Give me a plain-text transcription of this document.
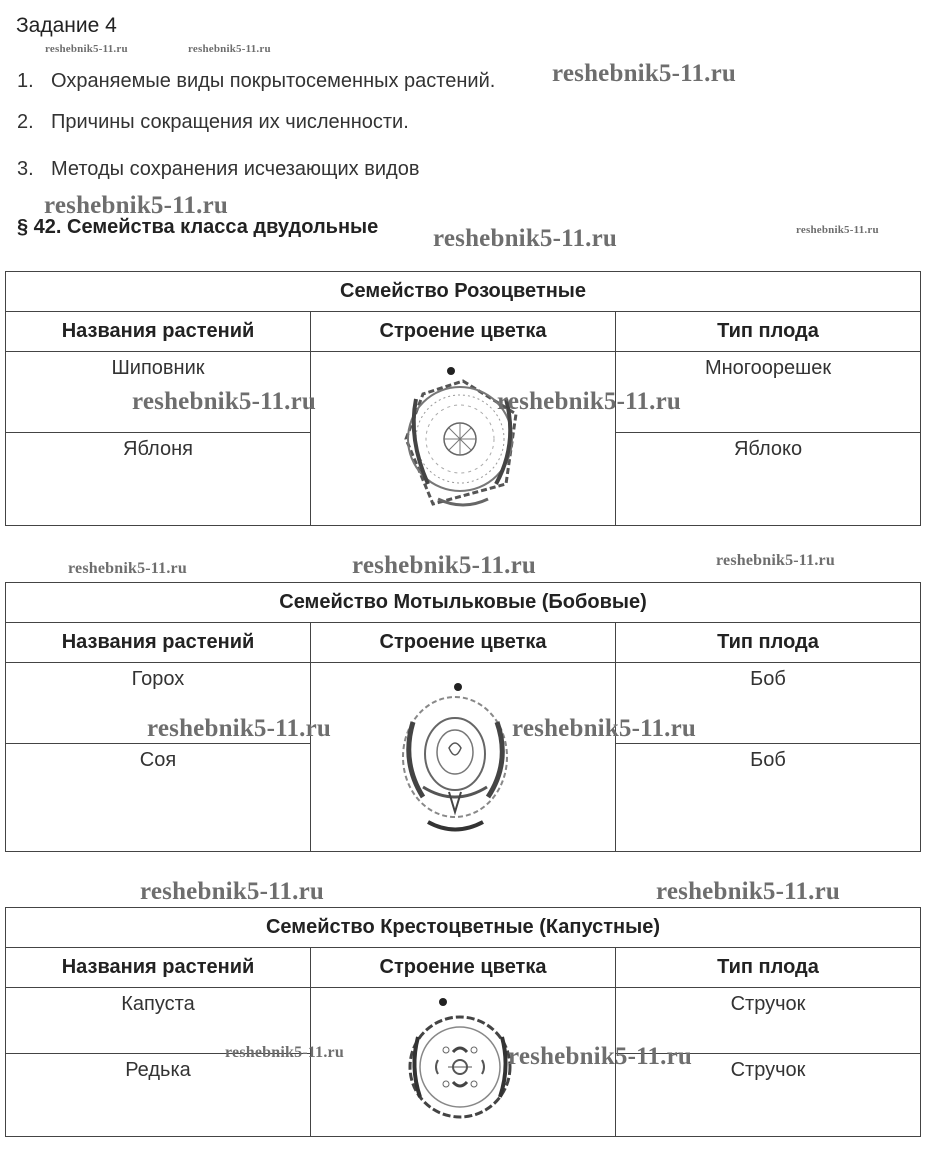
Задание 4
1. Охраняемые виды покрытосеменных растений.
2. Причины сокращения их численности.
3. Методы сохранения исчезающих видов
§ 42. Семейства класса двудольные
Семейство Розоцветные		
Названия растений	Строение цветка	Тип плода
Шиповник		Многоорешек
Яблоня		Яблоко
Семейство Мотыльковые (Бобовые)		
Названия растений	Строение цветка	Тип плода
Горох		Боб
Соя		Боб
Семейство Крестоцветные (Капустные)		
Названия растений	Строение цветка	Тип плода
Капуста		Стручок
Редька		Стручок
reshebnik5-11.ru	reshebnik5-11.ru
reshebnik5-11.ru
reshebnik5-11.ru
reshebnik5-11.ru	reshebnik5-11.ru
reshebnik5-11.ru	reshebnik5-11.ru
reshebnik5-11.ru	reshebnik5-11.ru	reshebnik5-11.ru
reshebnik5-11.ru	reshebnik5-11.ru
reshebnik5-11.ru	reshebnik5-11.ru
reshebnik5-11.ru	reshebnik5-11.ru
